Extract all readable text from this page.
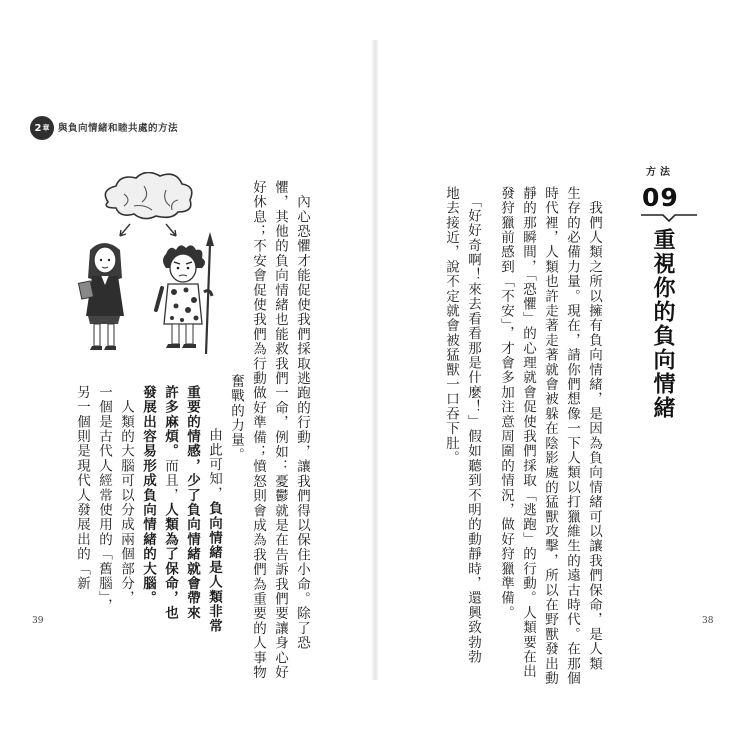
2 章 與負向情緒和睦共處的方法
　內心恐懼才能促使我們採取逃跑的行動，讓我們得以保住小命。除了恐
懼，其他的負向情緒也能救我們一命，例如：憂鬱就是在告訴我們要讓身心好
好休息；不安會促使我們為行動做好準備；憤怒則會成為我們為重要的人事物
奮戰的力量。
　由此可知，負向情緒是人類非常
重要的情感，少了負向情緒就會帶來
許多麻煩。而且，人類為了保命，也
發展出容易形成負向情緒的大腦。
　人類的大腦可以分成兩個部分，
一個是古代人經常使用的「舊腦」，
另一個則是現代人發展出的「新
方法
09
重視你的負向情緒
　我們人類之所以擁有負向情緒，是因為負向情緒可以讓我們保命，是人類
生存的必備力量。現在，請你們想像一下人類以打獵維生的遠古時代。在那個
時代裡，人類也許走著走著就會被躲在陰影處的猛獸攻擊，所以在野獸發出動
靜的那瞬間，「恐懼」的心理就會促使我們採取「逃跑」的行動。人類要在出
發狩獵前感到「不安」，才會多加注意周圍的情況，做好狩獵準備。
　「好好奇啊！來去看看那是什麼！」假如聽到不明的動靜時，還興致勃勃
地去接近，說不定就會被猛獸一口吞下肚。
39	38
